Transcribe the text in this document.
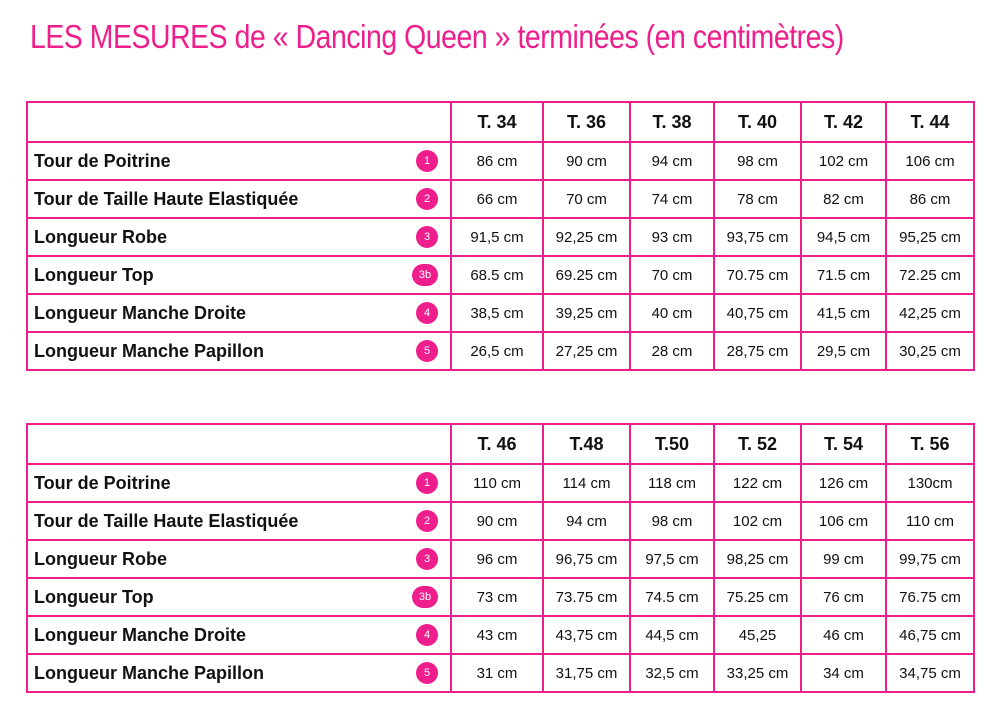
LES MESURES de « Dancing Queen » terminées (en centimètres)
	T. 34	T. 36	T. 38	T. 40	T. 42	T. 44
Tour de Poitrine 1	86 cm	90 cm	94 cm	98 cm	102 cm	106 cm
Tour de Taille Haute Elastiquée 2	66 cm	70 cm	74 cm	78 cm	82 cm	86 cm
Longueur Robe 3	91,5 cm	92,25 cm	93 cm	93,75 cm	94,5 cm	95,25 cm
Longueur Top 3b	68.5 cm	69.25 cm	70 cm	70.75 cm	71.5 cm	72.25 cm
Longueur Manche Droite 4	38,5 cm	39,25 cm	40 cm	40,75 cm	41,5 cm	42,25 cm
Longueur Manche Papillon 5	26,5 cm	27,25 cm	28 cm	28,75 cm	29,5 cm	30,25 cm
	T. 46	T.48	T.50	T. 52	T. 54	T. 56
Tour de Poitrine 1	110 cm	114 cm	118 cm	122 cm	126 cm	130cm
Tour de Taille Haute Elastiquée 2	90 cm	94 cm	98 cm	102 cm	106 cm	110 cm
Longueur Robe 3	96 cm	96,75 cm	97,5 cm	98,25 cm	99 cm	99,75 cm
Longueur Top 3b	73 cm	73.75 cm	74.5 cm	75.25 cm	76 cm	76.75 cm
Longueur Manche Droite 4	43 cm	43,75 cm	44,5 cm	45,25	46 cm	46,75 cm
Longueur Manche Papillon 5	31 cm	31,75 cm	32,5 cm	33,25 cm	34 cm	34,75 cm
